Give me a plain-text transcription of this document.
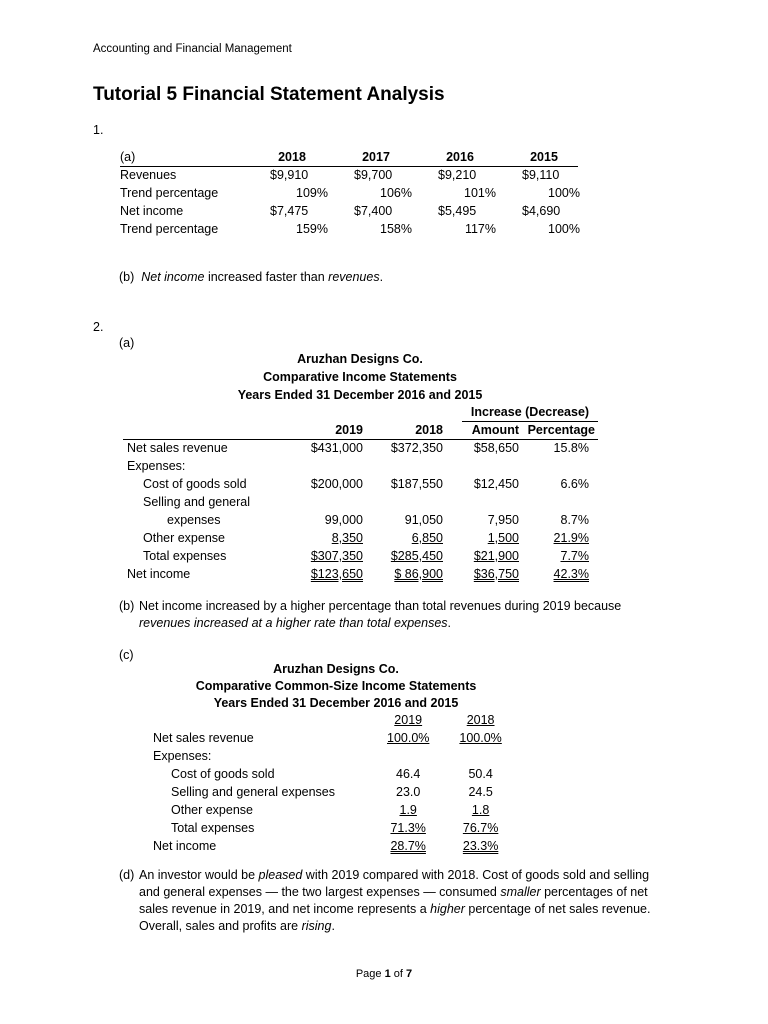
Accounting and Financial Management
Tutorial 5 Financial Statement Analysis
1.
(a)	2018	2017	2016	2015
Revenues	$9,910	$9,700	$9,210	$9,110
Trend percentage	109%	106%	101%	100%
Net income	$7,475	$7,400	$5,495	$4,690
Trend percentage	159%	158%	117%	100%
(b) Net income increased faster than revenues.
2.
(a)
Aruzhan Designs Co.
Comparative Income Statements
Years Ended 31 December 2016 and 2015
Increase (Decrease)
	2019	2018	Amount	Percentage
Net sales revenue	$431,000	$372,350	$58,650	15.8%
Expenses:				
Cost of goods sold	$200,000	$187,550	$12,450	6.6%
Selling and general				
expenses	99,000	91,050	7,950	8.7%
Other expense	8,350	6,850	1,500	21.9%
Total expenses	$307,350	$285,450	$21,900	7.7%
Net income	$123,650	$ 86,900	$36,750	42.3%
(b) Net income increased by a higher percentage than total revenues during 2019 because
revenues increased at a higher rate than total expenses.
(c)
Aruzhan Designs Co.
Comparative Common-Size Income Statements
Years Ended 31 December 2016 and 2015
	2019		2018
Net sales revenue	100.0%		100.0%
Expenses:			
Cost of goods sold	46.4		50.4
Selling and general expenses	23.0		24.5
Other expense	1.9		1.8
Total expenses	71.3%		76.7%
Net income	28.7%		23.3%
(d) An investor would be pleased with 2019 compared with 2018. Cost of goods sold and selling
and general expenses — the two largest expenses — consumed smaller percentages of net
sales revenue in 2019, and net income represents a higher percentage of net sales revenue.
Overall, sales and profits are rising.
Page 1 of 7
